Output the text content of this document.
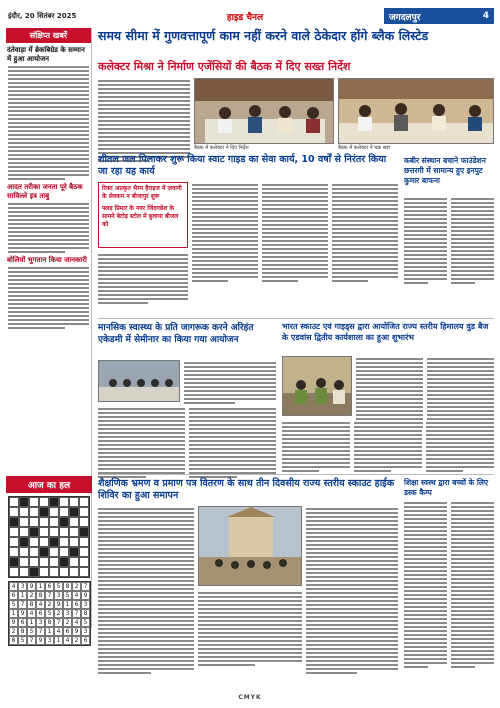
इंदौर, 20 सितंबर 2025	हाइड चैनल	जगदलपुर	4
संक्षिप्त खबरें
दंतेवाड़ा में ब्रेकबिग्रेड के सम्मान में हुआ आयोजन
आदत तरीका जनता पूरे बैठक साविल्ले इत्र ताबु
बोलियों भुगतान किया जानकारी
आज का हल
4 3 9 1 6 5 8 2 7
6 1 2 8 7 3 5 4 9
5 7 8 4 2 9 1 6 3
1 9 4 6 5 2 3 7 8
9 6 1 3 8 7 2 4 5
2 8 5 7 1 4 6 9 3
8 5 7 9 3 1 4 2 6
समय सीमा में गुणवत्तापूर्ण काम नहीं करने वाले ठेकेदार होंगे ब्लैक लिस्टेड
कलेक्टर मिश्रा ने निर्माण एजेंसियों की बैठक में दिए सख्त निर्देश
बैठक में कलेक्टर ने दिए निर्देश	बैठक में कलेक्टर ने चक्र सहा
शीतल जल पिलाकर शुरू किया स्वाट गाइड का सेवा कार्य, 10 वर्षों से निरंतर किया जा रहा यह कार्य
रिक्त अप्रकृत भैरम हैराइज में ज़वानी के सेवकम न बीजापुर शुरू
फ्लड़ प्रिमार के नवर जिंदगन्नेश के सामने बेटोड़ स्टोल में बुलाया बीजल को
कबीर संस्थान बचाने फाउंडेशन छत्तरगी में सामान्य हुए इनपुट कुमार बाफना
मानसिक स्वास्थ्य के प्रति जागरूक करने अरिहंत एकेडमी में सेमीनार का किया गया आयोजन
भारत स्काउट एवं गाइड्स द्वारा आयोजित राज्य स्तरीय हिमालय वुड बैज के एडवांस द्वितीय कार्यशाला का हुआ शुभारंभ
शैक्षणिक भ्रमण व प्रमाण पत्र वितरण के साथ तीन दिवसीय राज्य स्तरीय स्काउट हाईक शिविर का हुआ समापन
शिक्षा स्वस्थ द्वारा बच्चों के लिए डस्क कैम्प
CMYK
